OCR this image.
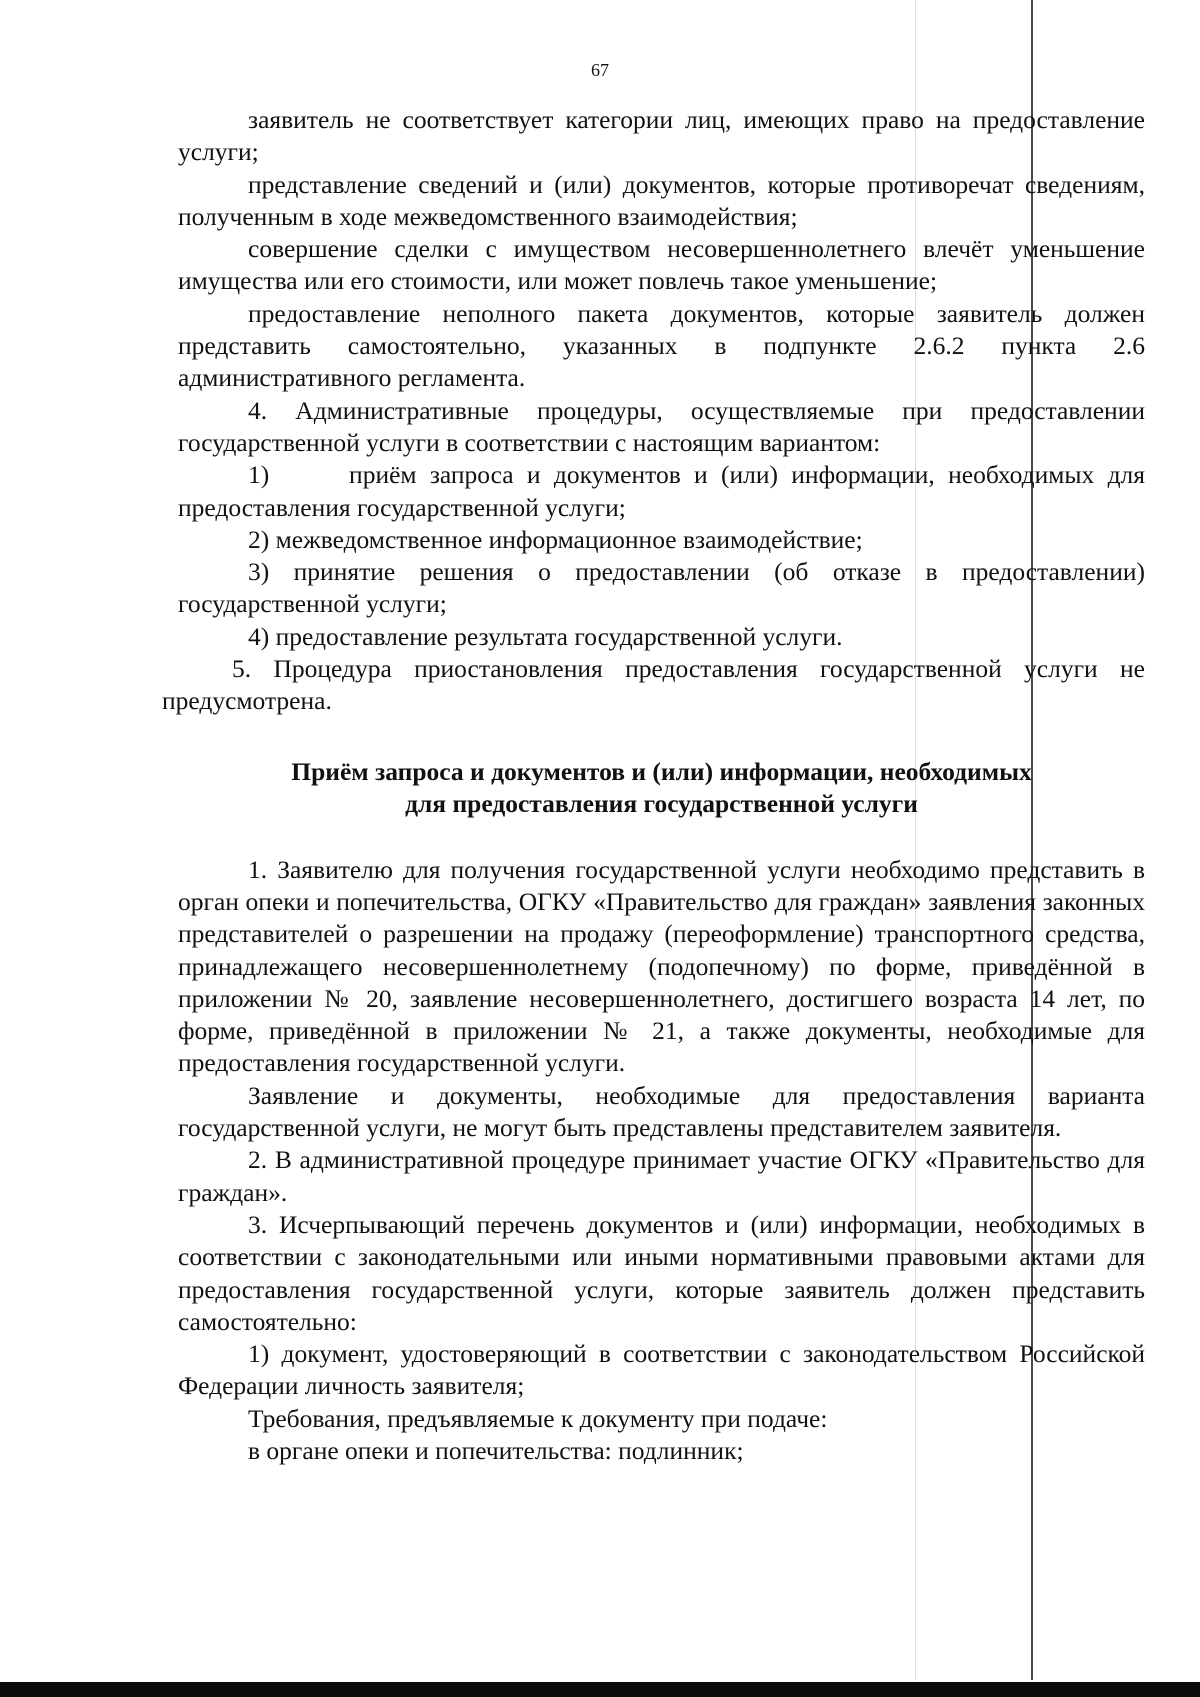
67

заявитель не соответствует категории лиц, имеющих право на предоставление услуги;

представление сведений и (или) документов, которые противоречат сведениям, полученным в ходе межведомственного взаимодействия;

совершение сделки с имуществом несовершеннолетнего влечёт уменьшение имущества или его стоимости, или может повлечь такое уменьшение;

предоставление неполного пакета документов, которые заявитель должен представить самостоятельно, указанных в подпункте 2.6.2 пункта 2.6 административного регламента.

4. Административные процедуры, осуществляемые при предоставлении государственной услуги в соответствии с настоящим вариантом:

1)      приём запроса и документов и (или) информации, необходимых для предоставления государственной услуги;

2) межведомственное информационное взаимодействие;

3) принятие решения о предоставлении (об отказе в предоставлении) государственной услуги;

4) предоставление результата государственной услуги.

5. Процедура приостановления предоставления государственной услуги не предусмотрена.

Приём запроса и документов и (или) информации, необходимых
для предоставления государственной услуги

1. Заявителю для получения государственной услуги необходимо представить в орган опеки и попечительства, ОГКУ «Правительство для граждан» заявления законных представителей о разрешении на продажу (переоформление) транспортного средства, принадлежащего несовершеннолетнему (подопечному) по форме, приведённой в приложении № 20, заявление несовершеннолетнего, достигшего возраста 14 лет, по форме, приведённой в приложении № 21, а также документы, необходимые для предоставления государственной услуги.

Заявление и документы, необходимые для предоставления варианта государственной услуги, не могут быть представлены представителем заявителя.

2. В административной процедуре принимает участие ОГКУ «Правительство для граждан».

3. Исчерпывающий перечень документов и (или) информации, необходимых в соответствии с законодательными или иными нормативными правовыми актами для предоставления государственной услуги, которые заявитель должен представить самостоятельно:

1) документ, удостоверяющий в соответствии с законодательством Российской Федерации личность заявителя;

Требования, предъявляемые к документу при подаче:

в органе опеки и попечительства: подлинник;
